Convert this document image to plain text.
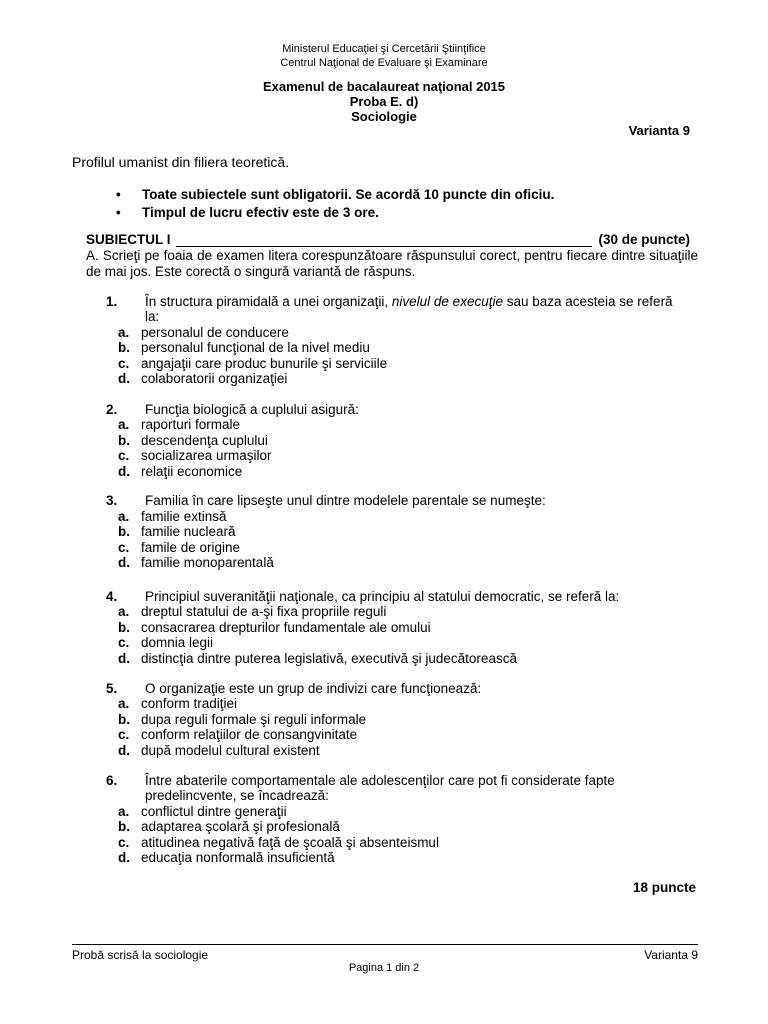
Ministerul Educaţiei şi Cercetării Ştiinţifice
Centrul Naţional de Evaluare şi Examinare
Examenul de bacalaureat naţional 2015
Proba E. d)
Sociologie
Varianta 9
Profilul umanist din filiera teoretică.
• Toate subiectele sunt obligatorii. Se acordă 10 puncte din oficiu.
• Timpul de lucru efectiv este de 3 ore.
SUBIECTUL I	(30 de puncte)
A. Scrieţi pe foaia de examen litera corespunzătoare răspunsului corect, pentru fiecare dintre situaţiile de mai jos. Este corectă o singură variantă de răspuns.
1. În structura piramidală a unei organizaţii, nivelul de execuţie sau baza acesteia se referă la:
a. personalul de conducere
b. personalul funcţional de la nivel mediu
c. angajaţii care produc bunurile şi serviciile
d. colaboratorii organizaţiei
2. Funcţia biologică a cuplului asigură:
a. raporturi formale
b. descendenţa cuplului
c. socializarea urmaşilor
d. relaţii economice
3. Familia în care lipseşte unul dintre modelele parentale se numeşte:
a. familie extinsă
b. familie nucleară
c. famile de origine
d. familie monoparentală
4. Principiul suveranităţii naţionale, ca principiu al statului democratic, se referă la:
a. dreptul statului de a-şi fixa propriile reguli
b. consacrarea drepturilor fundamentale ale omului
c. domnia legii
d. distincţia dintre puterea legislativă, executivă şi judecătorească
5. O organizaţie este un grup de indivizi care funcţionează:
a. conform tradiţiei
b. dupa reguli formale şi reguli informale
c. conform relaţiilor de consangvinitate
d. după modelul cultural existent
6. Între abaterile comportamentale ale adolescenţilor care pot fi considerate fapte predelincvente, se încadrează:
a. conflictul dintre generaţii
b. adaptarea şcolară şi profesională
c. atitudinea negativă faţă de şcoală şi absenteismul
d. educaţia nonformală insuficientă
18 puncte
Probă scrisă la sociologie	Varianta 9
Pagina 1 din 2
